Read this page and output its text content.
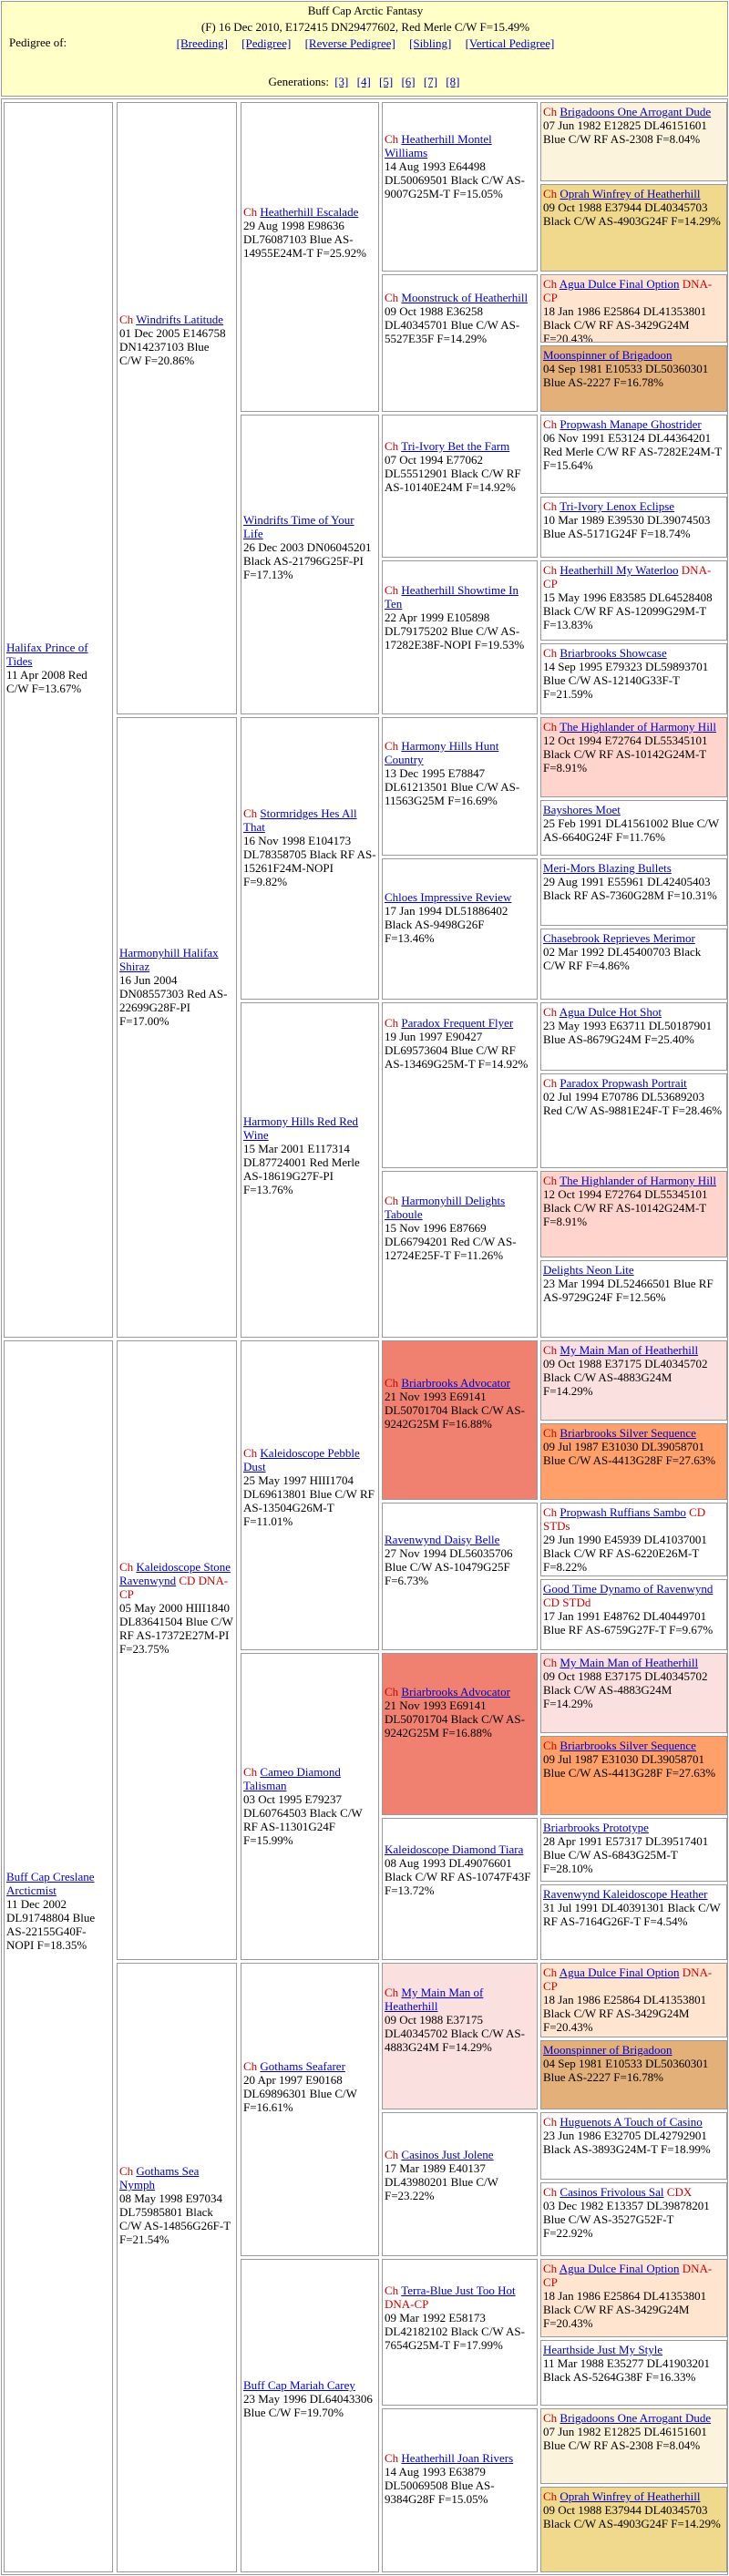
Buff Cap Arctic Fantasy
(F) 16 Dec 2010, E172415 DN29477602, Red Merle C/W F=15.49%
Pedigree of:	[Breeding] [Pedigree] [Reverse Pedigree] [Sibling] [Vertical Pedigree]
Generations: [3] [4] [5] [6] [7] [8]
Halifax Prince of Tides
11 Apr 2008 Red C/W F=13.67%
Buff Cap Creslane Arcticmist
11 Dec 2002 DL91748804 Blue AS-22155G40F-NOPI F=18.35%
Ch Windrifts Latitude
01 Dec 2005 E146758 DN14237103 Blue C/W F=20.86%
Harmonyhill Halifax Shiraz
16 Jun 2004 DN08557303 Red AS-22699G28F-PI F=17.00%
Ch Kaleidoscope Stone Ravenwynd CD DNA-CP
05 May 2000 HIII1840 DL83641504 Blue C/W RF AS-17372E27M-PI F=23.75%
Ch Gothams Sea Nymph
08 May 1998 E97034 DL75985801 Black C/W AS-14856G26F-T F=21.54%
Ch Heatherhill Escalade
29 Aug 1998 E98636 DL76087103 Blue AS-14955E24M-T F=25.92%
Windrifts Time of Your Life
26 Dec 2003 DN06045201 Black AS-21796G25F-PI F=17.13%
Ch Stormridges Hes All That
16 Nov 1998 E104173 DL78358705 Black RF AS-15261F24M-NOPI F=9.82%
Harmony Hills Red Red Wine
15 Mar 2001 E117314 DL87724001 Red Merle AS-18619G27F-PI F=13.76%
Ch Kaleidoscope Pebble Dust
25 May 1997 HIII1704 DL69613801 Blue C/W RF AS-13504G26M-T F=11.01%
Ch Cameo Diamond Talisman
03 Oct 1995 E79237 DL60764503 Black C/W RF AS-11301G24F F=15.99%
Ch Gothams Seafarer
20 Apr 1997 E90168 DL69896301 Blue C/W F=16.61%
Buff Cap Mariah Carey
23 May 1996 DL64043306 Blue C/W F=19.70%
Ch Heatherhill Montel Williams
14 Aug 1993 E64498 DL50069501 Black C/W AS-9007G25M-T F=15.05%
Ch Moonstruck of Heatherhill
09 Oct 1988 E36258 DL40345701 Blue C/W AS-5527E35F F=14.29%
Ch Tri-Ivory Bet the Farm
07 Oct 1994 E77062 DL55512901 Black C/W RF AS-10140E24M F=14.92%
Ch Heatherhill Showtime In Ten
22 Apr 1999 E105898 DL79175202 Blue C/W AS-17282E38F-NOPI F=19.53%
Ch Harmony Hills Hunt Country
13 Dec 1995 E78847 DL61213501 Blue C/W AS-11563G25M F=16.69%
Chloes Impressive Review
17 Jan 1994 DL51886402 Black AS-9498G26F F=13.46%
Ch Paradox Frequent Flyer
19 Jun 1997 E90427 DL69573604 Blue C/W RF AS-13469G25M-T F=14.92%
Ch Harmonyhill Delights Taboule
15 Nov 1996 E87669 DL66794201 Red C/W AS-12724E25F-T F=11.26%
Ch Briarbrooks Advocator
21 Nov 1993 E69141 DL50701704 Black C/W AS-9242G25M F=16.88%
Ravenwynd Daisy Belle
27 Nov 1994 DL56035706 Blue C/W AS-10479G25F F=6.73%
Ch Briarbrooks Advocator
21 Nov 1993 E69141 DL50701704 Black C/W AS-9242G25M F=16.88%
Kaleidoscope Diamond Tiara
08 Aug 1993 DL49076601 Black C/W RF AS-10747F43F F=13.72%
Ch My Main Man of Heatherhill
09 Oct 1988 E37175 DL40345702 Black C/W AS-4883G24M F=14.29%
Ch Casinos Just Jolene
17 Mar 1989 E40137 DL43980201 Blue C/W F=23.22%
Ch Terra-Blue Just Too Hot DNA-CP
09 Mar 1992 E58173 DL42182102 Black C/W AS-7654G25M-T F=17.99%
Ch Heatherhill Joan Rivers
14 Aug 1993 E63879 DL50069508 Blue AS-9384G28F F=15.05%
Ch Brigadoons One Arrogant Dude
07 Jun 1982 E12825 DL46151601 Blue C/W RF AS-2308 F=8.04%
Ch Oprah Winfrey of Heatherhill
09 Oct 1988 E37944 DL40345703 Black C/W AS-4903G24F F=14.29%
Ch Agua Dulce Final Option DNA-CP
18 Jan 1986 E25864 DL41353801 Black C/W RF AS-3429G24M F=20.43%
Moonspinner of Brigadoon
04 Sep 1981 E10533 DL50360301 Blue AS-2227 F=16.78%
Ch Propwash Manape Ghostrider
06 Nov 1991 E53124 DL44364201 Red Merle C/W RF AS-7282E24M-T F=15.64%
Ch Tri-Ivory Lenox Eclipse
10 Mar 1989 E39530 DL39074503 Blue AS-5171G24F F=18.74%
Ch Heatherhill My Waterloo DNA-CP
15 May 1996 E83585 DL64528408 Black C/W RF AS-12099G29M-T F=13.83%
Ch Briarbrooks Showcase
14 Sep 1995 E79323 DL59893701 Blue C/W AS-12140G33F-T F=21.59%
Ch The Highlander of Harmony Hill
12 Oct 1994 E72764 DL55345101 Black C/W RF AS-10142G24M-T F=8.91%
Bayshores Moet
25 Feb 1991 DL41561002 Blue C/W AS-6640G24F F=11.76%
Meri-Mors Blazing Bullets
29 Aug 1991 E55961 DL42405403 Black RF AS-7360G28M F=10.31%
Chasebrook Reprieves Merimor
02 Mar 1992 DL45400703 Black C/W RF F=4.86%
Ch Agua Dulce Hot Shot
23 May 1993 E63711 DL50187901 Blue AS-8679G24M F=25.40%
Ch Paradox Propwash Portrait
02 Jul 1994 E70786 DL53689203 Red C/W AS-9881E24F-T F=28.46%
Ch The Highlander of Harmony Hill
12 Oct 1994 E72764 DL55345101 Black C/W RF AS-10142G24M-T F=8.91%
Delights Neon Lite
23 Mar 1994 DL52466501 Blue RF AS-9729G24F F=12.56%
Ch My Main Man of Heatherhill
09 Oct 1988 E37175 DL40345702 Black C/W AS-4883G24M F=14.29%
Ch Briarbrooks Silver Sequence
09 Jul 1987 E31030 DL39058701 Blue C/W AS-4413G28F F=27.63%
Ch Propwash Ruffians Sambo CD STDs
29 Jun 1990 E45939 DL41037001 Black C/W RF AS-6220E26M-T F=8.22%
Good Time Dynamo of Ravenwynd CD STDd
17 Jan 1991 E48762 DL40449701 Blue RF AS-6759G27F-T F=9.67%
Ch My Main Man of Heatherhill
09 Oct 1988 E37175 DL40345702 Black C/W AS-4883G24M F=14.29%
Ch Briarbrooks Silver Sequence
09 Jul 1987 E31030 DL39058701 Blue C/W AS-4413G28F F=27.63%
Briarbrooks Prototype
28 Apr 1991 E57317 DL39517401 Blue C/W AS-6843G25M-T F=28.10%
Ravenwynd Kaleidoscope Heather
31 Jul 1991 DL40391301 Black C/W RF AS-7164G26F-T F=4.54%
Ch Agua Dulce Final Option DNA-CP
18 Jan 1986 E25864 DL41353801 Black C/W RF AS-3429G24M F=20.43%
Moonspinner of Brigadoon
04 Sep 1981 E10533 DL50360301 Blue AS-2227 F=16.78%
Ch Huguenots A Touch of Casino
23 Jun 1986 E32705 DL42792901 Black AS-3893G24M-T F=18.99%
Ch Casinos Frivolous Sal CDX
03 Dec 1982 E13357 DL39878201 Blue C/W AS-3527G52F-T F=22.92%
Ch Agua Dulce Final Option DNA-CP
18 Jan 1986 E25864 DL41353801 Black C/W RF AS-3429G24M F=20.43%
Hearthside Just My Style
11 Mar 1988 E35277 DL41903201 Black AS-5264G38F F=16.33%
Ch Brigadoons One Arrogant Dude
07 Jun 1982 E12825 DL46151601 Blue C/W RF AS-2308 F=8.04%
Ch Oprah Winfrey of Heatherhill
09 Oct 1988 E37944 DL40345703 Black C/W AS-4903G24F F=14.29%
